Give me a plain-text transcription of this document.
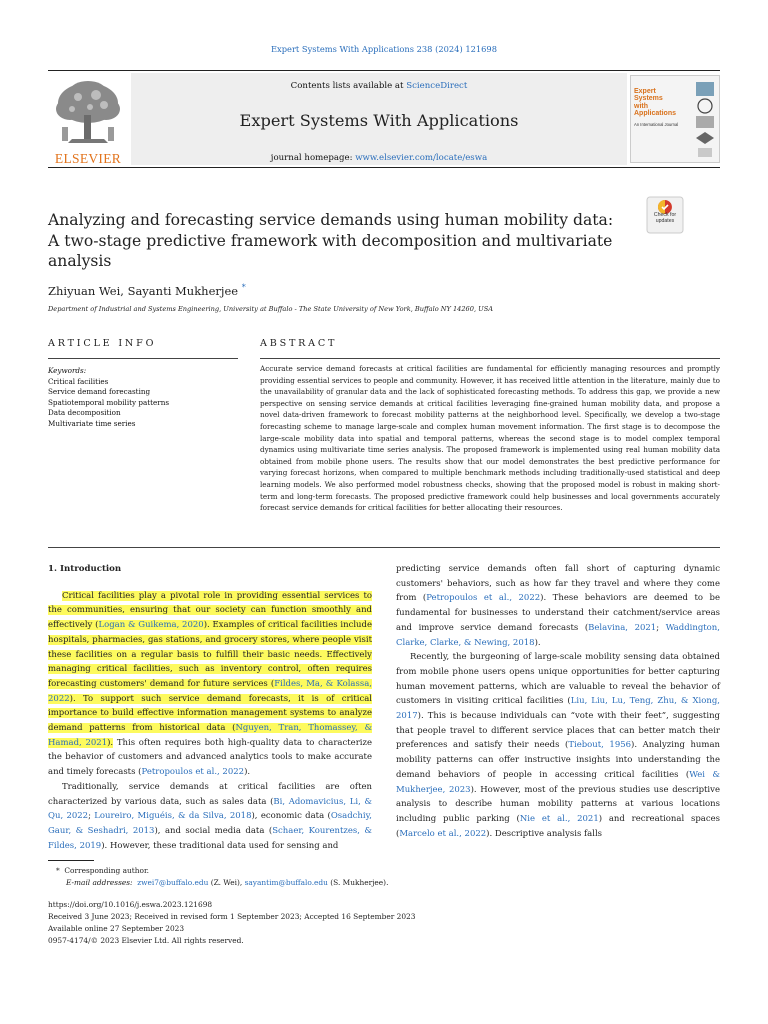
Expert Systems With Applications 238 (2024) 121698
ELSEVIER
Contents lists available at ScienceDirect
Expert Systems With Applications
journal homepage: www.elsevier.com/locate/eswa
Expert
Systems
with
Applications
An International Journal
Analyzing and forecasting service demands using human mobility data: A two-stage predictive framework with decomposition and multivariate analysis
Check for updates
Zhiyuan Wei, Sayanti Mukherjee *
Department of Industrial and Systems Engineering, University at Buffalo - The State University of New York, Buffalo NY 14260, USA
ARTICLE INFO	ABSTRACT
Keywords:
Critical facilities
Service demand forecasting
Spatiotemporal mobility patterns
Data decomposition
Multivariate time series
Accurate service demand forecasts at critical facilities are fundamental for efficiently managing resources and promptly providing essential services to people and community. However, it has received little attention in the literature, mainly due to the unavailability of granular data and the lack of sophisticated forecasting methods. To address this gap, we provide a new perspective on sensing service demands at critical facilities leveraging fine-grained human mobility data, and propose a novel data-driven framework to forecast mobility patterns at the neighborhood level. Specifically, we develop a two-stage forecasting scheme to manage large-scale and complex human movement information. The first stage is to decompose the large-scale mobility data into spatial and temporal patterns, whereas the second stage is to model complex temporal dynamics using multivariate time series analysis. The proposed framework is implemented using real human mobility data obtained from mobile phone users. The results show that our model demonstrates the best predictive performance for varying forecast horizons, when compared to multiple benchmark methods including traditionally-used statistical and deep learning models. We also performed model robustness checks, showing that the proposed model is robust in making short-term and long-term forecasts. The proposed predictive framework could help businesses and local governments accurately forecast service demands for critical facilities for better allocating their resources.
1. Introduction

Critical facilities play a pivotal role in providing essential services to the communities, ensuring that our society can function smoothly and effectively (Logan & Guikema, 2020). Examples of critical facilities include hospitals, pharmacies, gas stations, and grocery stores, where people visit these facilities on a regular basis to fulfill their basic needs. Effectively managing critical facilities, such as inventory control, often requires forecasting customers' demand for future services (Fildes, Ma, & Kolassa, 2022). To support such service demand forecasts, it is of critical importance to build effective information management systems to analyze demand patterns from historical data (Nguyen, Tran, Thomassey, & Hamad, 2021). This often requires both high-quality data to characterize the behavior of customers and advanced analytics tools to make accurate and timely forecasts (Petropoulos et al., 2022).

Traditionally, service demands at critical facilities are often characterized by various data, such as sales data (Bi, Adomavicius, Li, & Qu, 2022; Loureiro, Miguéis, & da Silva, 2018), economic data (Osadchiy, Gaur, & Seshadri, 2013), and social media data (Schaer, Kourentzes, & Fildes, 2019). However, these traditional data used for sensing and

predicting service demands often fall short of capturing dynamic customers' behaviors, such as how far they travel and where they come from (Petropoulos et al., 2022). These behaviors are deemed to be fundamental for businesses to understand their catchment/service areas and improve service demand forecasts (Belavina, 2021; Waddington, Clarke, Clarke, & Newing, 2018).

Recently, the burgeoning of large-scale mobility sensing data obtained from mobile phone users opens unique opportunities for better capturing human movement patterns, which are valuable to reveal the behavior of customers in visiting critical facilities (Liu, Liu, Lu, Teng, Zhu, & Xiong, 2017). This is because individuals can “vote with their feet”, suggesting that people travel to different service places that can better match their preferences and satisfy their needs (Tiebout, 1956). Analyzing human mobility patterns can offer instructive insights into understanding the demand behaviors of people in accessing critical facilities (Wei & Mukherjee, 2023). However, most of the previous studies use descriptive analysis to describe human mobility patterns at various locations including public parking (Nie et al., 2021) and recreational spaces (Marcelo et al., 2022). Descriptive analysis falls

* Corresponding author.
E-mail addresses: zwei7@buffalo.edu (Z. Wei), sayantim@buffalo.edu (S. Mukherjee).
https://doi.org/10.1016/j.eswa.2023.121698
Received 3 June 2023; Received in revised form 1 September 2023; Accepted 16 September 2023
Available online 27 September 2023
0957-4174/© 2023 Elsevier Ltd. All rights reserved.
